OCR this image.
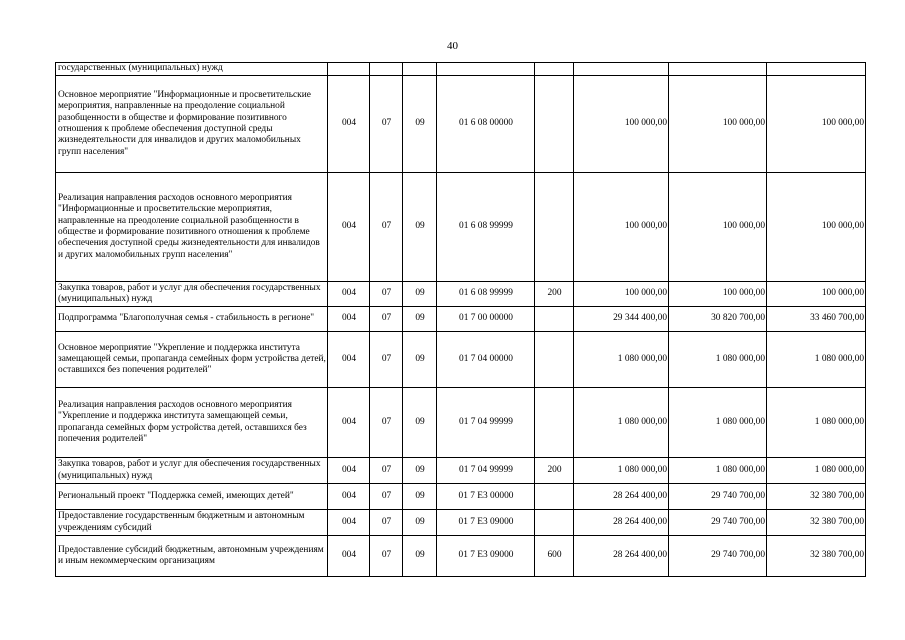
40
государственных (муниципальных) нужд								
Основное мероприятие "Информационные и просветительские мероприятия, направленные на преодоление социальной разобщенности в обществе и формирование позитивного отношения к проблеме обеспечения доступной среды жизнедеятельности для инвалидов и других маломобильных групп населения"	004	07	09	01 6 08 00000		100 000,00	100 000,00	100 000,00
Реализация направления расходов основного мероприятия "Информационные и просветительские мероприятия, направленные на преодоление социальной разобщенности в обществе и формирование позитивного отношения к проблеме обеспечения доступной среды жизнедеятельности для инвалидов и других маломобильных групп населения"	004	07	09	01 6 08 99999		100 000,00	100 000,00	100 000,00
Закупка товаров, работ и услуг для обеспечения государственных (муниципальных) нужд	004	07	09	01 6 08 99999	200	100 000,00	100 000,00	100 000,00
Подпрограмма "Благополучная семья - стабильность в регионе"	004	07	09	01 7 00 00000		29 344 400,00	30 820 700,00	33 460 700,00
Основное мероприятие "Укрепление и поддержка института замещающей семьи, пропаганда семейных форм устройства детей, оставшихся без попечения родителей"	004	07	09	01 7 04 00000		1 080 000,00	1 080 000,00	1 080 000,00
Реализация направления расходов основного мероприятия "Укрепление и поддержка института замещающей семьи, пропаганда семейных форм устройства детей, оставшихся без попечения родителей"	004	07	09	01 7 04 99999		1 080 000,00	1 080 000,00	1 080 000,00
Закупка товаров, работ и услуг для обеспечения государственных (муниципальных) нужд	004	07	09	01 7 04 99999	200	1 080 000,00	1 080 000,00	1 080 000,00
Региональный проект "Поддержка семей, имеющих детей"	004	07	09	01 7 E3 00000		28 264 400,00	29 740 700,00	32 380 700,00
Предоставление государственным бюджетным и автономным учреждениям субсидий	004	07	09	01 7 E3 09000		28 264 400,00	29 740 700,00	32 380 700,00
Предоставление субсидий бюджетным, автономным учреждениям и иным некоммерческим организациям	004	07	09	01 7 E3 09000	600	28 264 400,00	29 740 700,00	32 380 700,00
